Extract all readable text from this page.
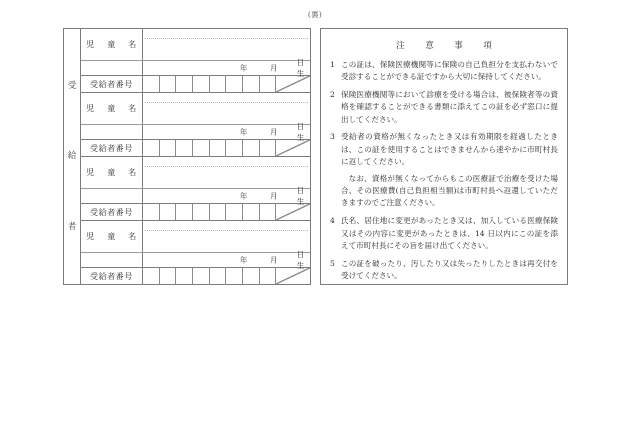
(裏)
受
給
者
児　童　名
年	月
日生
受給者番号
児　童　名
年	月
日生
受給者番号
児　童　名
年	月
日生
受給者番号
児　童　名
年	月
日生
受給者番号
注　意　事　項
1 この証は、保険医療機関等に保険の自己負担分を支払わないで受診することができる証ですから大切に保持してください。
2 保険医療機関等において診療を受ける場合は、被保険者等の資格を確認することができる書類に添えてこの証を必ず窓口に提出してください。
3 受給者の資格が無くなったとき又は有効期限を経過したときは、この証を使用することはできませんから速やかに市町村長に返してください。
なお、資格が無くなってからもこの医療証で治療を受けた場合、その医療費(自己負担相当額)は市町村長へ返還していただきますのでご注意ください。
4 氏名、居住地に変更があったとき又は、加入している医療保険又はその内容に変更があったときは、14 日以内にこの証を添えて市町村長にその旨を届け出てください。
5 この証を破ったり、汚したり又は失ったりしたときは再交付を受けてください。
